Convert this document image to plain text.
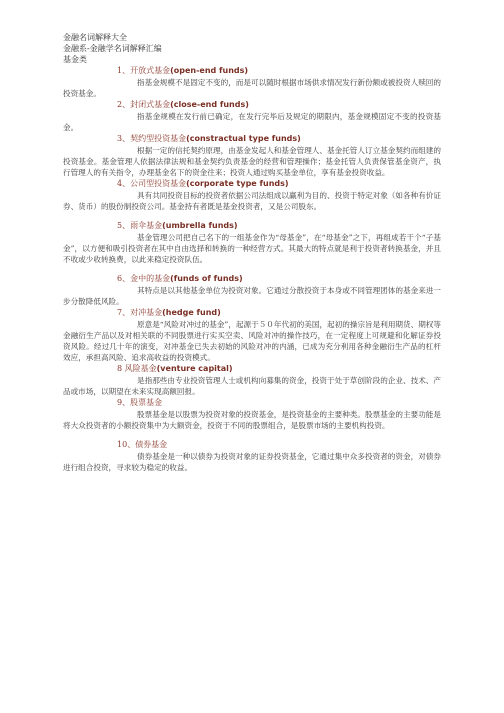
金融名词解释大全
金融系-金融学名词解释汇编
基金类
1、开放式基金(open-end funds)
指基金规模不是固定不变的，而是可以随时根据市场供求情况发行新份额或被投资人赎回的投资基金。
2、封闭式基金(close-end funds)
指基金规模在发行前已确定，在发行完毕后及规定的期限内，基金规模固定不变的投资基金。
3、契约型投资基金(constractual type funds)
根据一定的信托契约原理，由基金发起人和基金管理人、基金托管人订立基金契约而组建的投资基金。基金管理人依据法律法规和基金契约负责基金的经营和管理操作；基金托管人负责保管基金资产，执行管理人的有关指令，办理基金名下的资金往来；投资人通过购买基金单位，享有基金投资收益。
4、公司型投资基金(corporate type funds)
具有共同投资目标的投资者依据公司法组成以赢利为目的、投资于特定对象（如各种有价证券、货币）的股份制投资公司。基金持有者既是基金投资者，又是公司股东。
5、雨伞基金(umbrella funds)
基金管理公司把自己名下的一组基金作为“母基金”，在“母基金”之下，再组成若干个“子基金”，以方便和吸引投资者在其中自由选择和转换的一种经营方式。其最大的特点就是利于投资者转换基金，并且不收或少收转换费，以此来稳定投资队伍。
6、金中的基金(funds of funds)
其特点是以其他基金单位为投资对象。它通过分散投资于本身或不同管理团体的基金来进一步分散降低风险。
7、对冲基金(hedge fund)
原意是“风险对冲过的基金”，起源于５０年代初的美国，起初的操宗旨是利用期货、期权等金融衍生产品以及对相关联的不同股票进行实买空卖、风险对冲的操作技巧，在一定程度上可规避和化解证券投资风险。经过几十年的演变，对冲基金已失去初始的风险对冲的内涵，已成为充分利用各种金融衍生产品的杠杆效应，承担高风险、追求高收益的投资模式。
8 风险基金(venture capital)
是指那些由专业投资管理人士或机构向募集的资金，投资于处于草创阶段的企业、技术、产品或市场，以期望在未来实现高额回报。
9、股票基金
股票基金是以股票为投资对象的投资基金，是投资基金的主要种类。股票基金的主要功能是将大众投资者的小额投资集中为大额资金，投资于不同的股票组合，是股票市场的主要机构投资。
10、债券基金
债券基金是一种以债券为投资对象的证券投资基金，它通过集中众多投资者的资金，对债券进行组合投资，寻求较为稳定的收益。
